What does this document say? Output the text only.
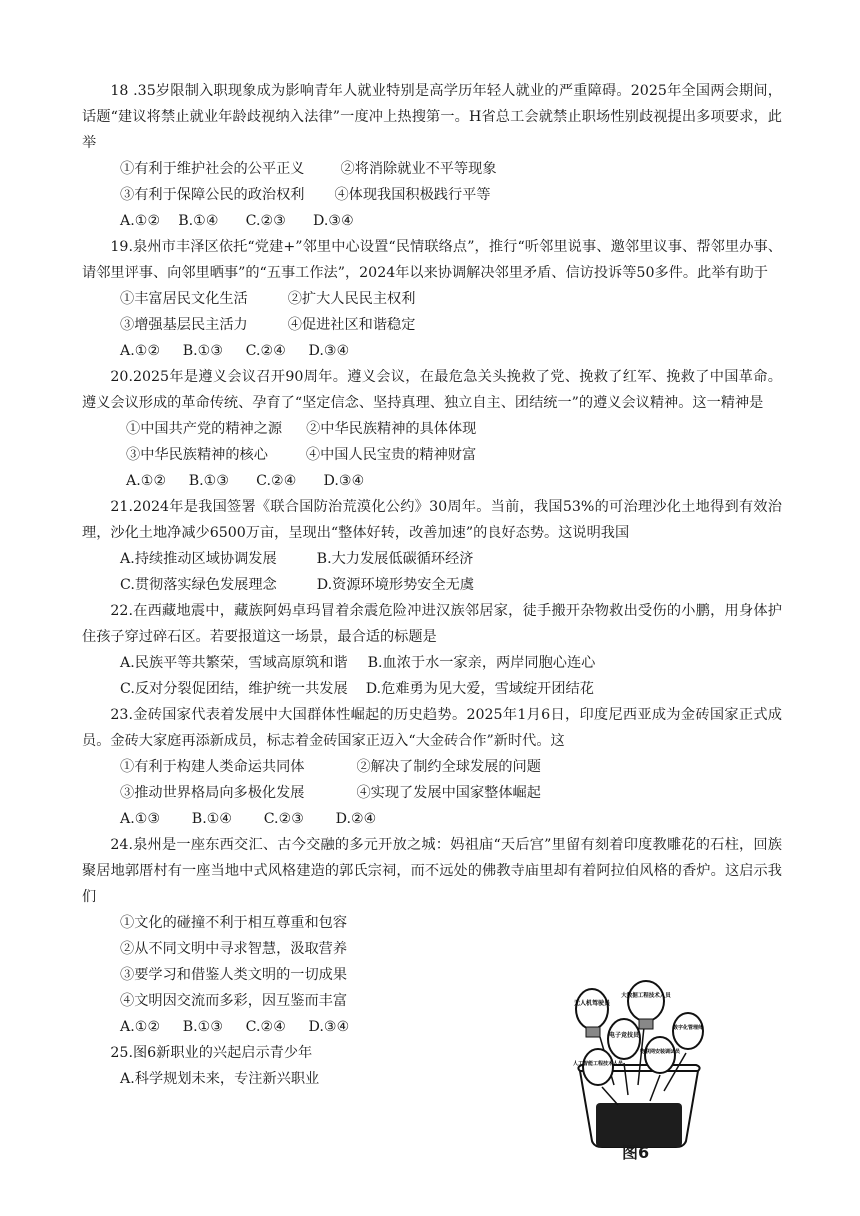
18 .35岁限制入职现象成为影响青年人就业特别是高学历年轻人就业的严重障碍。2025年全国两会期间，话题“建议将禁止就业年龄歧视纳入法律”一度冲上热搜第一。H省总工会就禁止职场性别歧视提出多项要求，此举

①有利于维护社会的公平正义	②将消除就业不平等现象

③有利于保障公民的政治权利 ④体现我国积极践行平等

A.①②    B.①④      C.②③      D.③④

19.泉州市丰泽区依托“党建+”邻里中心设置“民情联络点”，推行“听邻里说事、邀邻里议事、帮邻里办事、请邻里评事、向邻里晒事”的“五事工作法”，2024年以来协调解决邻里矛盾、信访投诉等50多件。此举有助于

①丰富居民文化生活	②扩大人民民主权利

③增强基层民主活力	④促进社区和谐稳定

A.①②     B.①③     C.②④     D.③④

20.2025年是遵义会议召开90周年。遵义会议，在最危急关头挽救了党、挽救了红军、挽救了中国革命。遵义会议形成的革命传统、孕育了“坚定信念、坚持真理、独立自主、团结统一”的遵义会议精神。这一精神是

①中国共产党的精神之源 ②中华民族精神的具体体现

③中华民族精神的核心	④中国人民宝贵的精神财富

A.①②     B.①③      C.②④      D.③④

21.2024年是我国签署《联合国防治荒漠化公约》30周年。当前，我国53%的可治理沙化土地得到有效治理，沙化土地净减少6500万亩，呈现出“整体好转，改善加速”的良好态势。这说明我国

A.持续推动区域协调发展	B.大力发展低碳循环经济

C.贯彻落实绿色发展理念	D.资源环境形势安全无虞

22.在西藏地震中，藏族阿妈卓玛冒着余震危险冲进汉族邻居家，徒手搬开杂物救出受伤的小鹏，用身体护住孩子穿过碎石区。若要报道这一场景，最合适的标题是

A.民族平等共繁荣，雪域高原筑和谐 B.血浓于水一家亲，两岸同胞心连心

C.反对分裂促团结，维护统一共发展 D.危难勇为见大爱，雪域绽开团结花

23.金砖国家代表着发展中大国群体性崛起的历史趋势。2025年1月6日，印度尼西亚成为金砖国家正式成员。金砖大家庭再添新成员，标志着金砖国家正迈入“大金砖合作”新时代。这

①有利于构建人类命运共同体	②解决了制约全球发展的问题

③推动世界格局向多极化发展	④实现了发展中国家整体崛起

A.①③       B.①④       C.②③       D.②④

24.泉州是一座东西交汇、古今交融的多元开放之城：妈祖庙“天后宫”里留有刻着印度教雕花的石柱，回族聚居地郭厝村有一座当地中式风格建造的郭氏宗祠，而不远处的佛教寺庙里却有着阿拉伯风格的香炉。这启示我们

①文化的碰撞不利于相互尊重和包容

②从不同文明中寻求智慧，汲取营养

③要学习和借鉴人类文明的一切成果

④文明因交流而多彩，因互鉴而丰富

A.①②     B.①③     C.②④     D.③④

25.图6新职业的兴起启示青少年

A.科学规划未来，专注新兴职业

无人机驾驶员
大数据工程技术人员
电子竞技员
人工智能工程技术人员
物联网安装调试员
数字化管理师
图6
